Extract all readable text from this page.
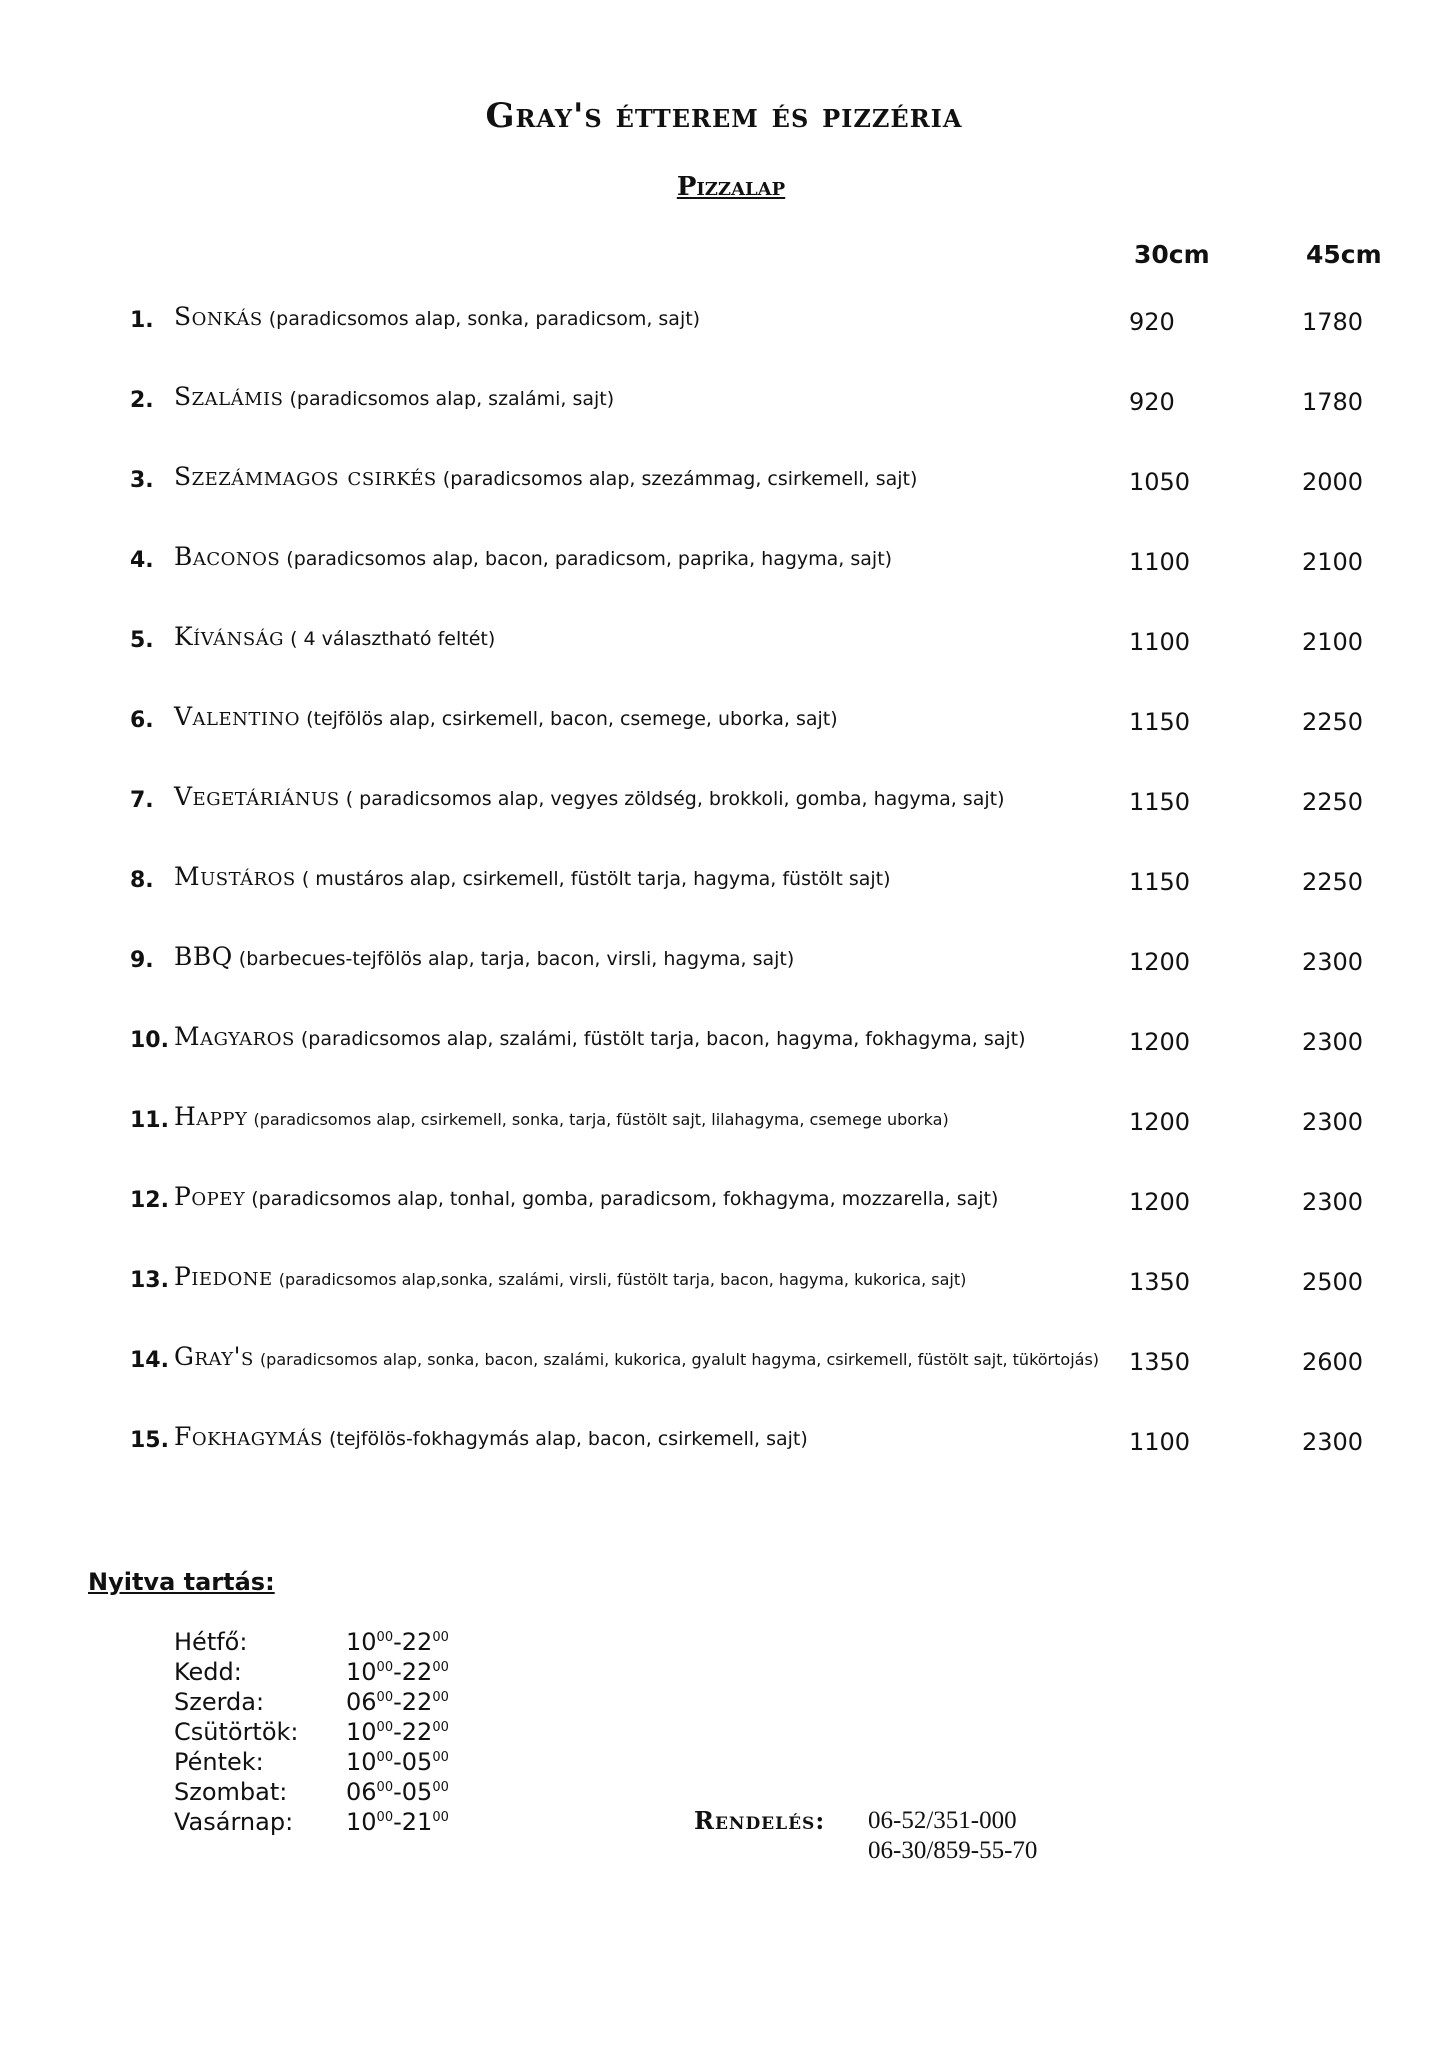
Gray's étterem és pizzéria
Pizzalap
30cm	45cm
1. Sonkás (paradicsomos alap, sonka, paradicsom, sajt)	920	1780
2. Szalámis (paradicsomos alap, szalámi, sajt)	920	1780
3. Szezámmagos csirkés (paradicsomos alap, szezámmag, csirkemell, sajt)	1050	2000
4. Baconos (paradicsomos alap, bacon, paradicsom, paprika, hagyma, sajt)	1100	2100
5. Kívánság ( 4 választható feltét)	1100	2100
6. Valentino (tejfölös alap, csirkemell, bacon, csemege, uborka, sajt)	1150	2250
7. Vegetáriánus ( paradicsomos alap, vegyes zöldség, brokkoli, gomba, hagyma, sajt)	1150	2250
8. Mustáros ( mustáros alap, csirkemell, füstölt tarja, hagyma, füstölt sajt)	1150	2250
9. BBQ (barbecues-tejfölös alap, tarja, bacon, virsli, hagyma, sajt)	1200	2300
10. Magyaros (paradicsomos alap, szalámi, füstölt tarja, bacon, hagyma, fokhagyma, sajt)	1200	2300
11. Happy (paradicsomos alap, csirkemell, sonka, tarja, füstölt sajt, lilahagyma, csemege uborka)	1200	2300
12. Popey (paradicsomos alap, tonhal, gomba, paradicsom, fokhagyma, mozzarella, sajt)	1200	2300
13. Piedone (paradicsomos alap,sonka, szalámi, virsli, füstölt tarja, bacon, hagyma, kukorica, sajt)	1350	2500
14. Gray's (paradicsomos alap, sonka, bacon, szalámi, kukorica, gyalult hagyma, csirkemell, füstölt sajt, tükörtojás) 1350	2600
15. Fokhagymás (tejfölös-fokhagymás alap, bacon, csirkemell, sajt)	1100	2300
Nyitva tartás:
Hétfő:	$10^{00}-22^{00}$
Kedd:	$10^{00}-22^{00}$
Szerda:	$06^{00}-22^{00}$
Csütörtök: $10^{00}-22^{00}$
Péntek:	$10^{00}-05^{00}$
Szombat: $06^{00}-05^{00}$
Vasárnap: $10^{00}-21^{00}$	Rendelés: 06-52/351-000
06-30/859-55-70
